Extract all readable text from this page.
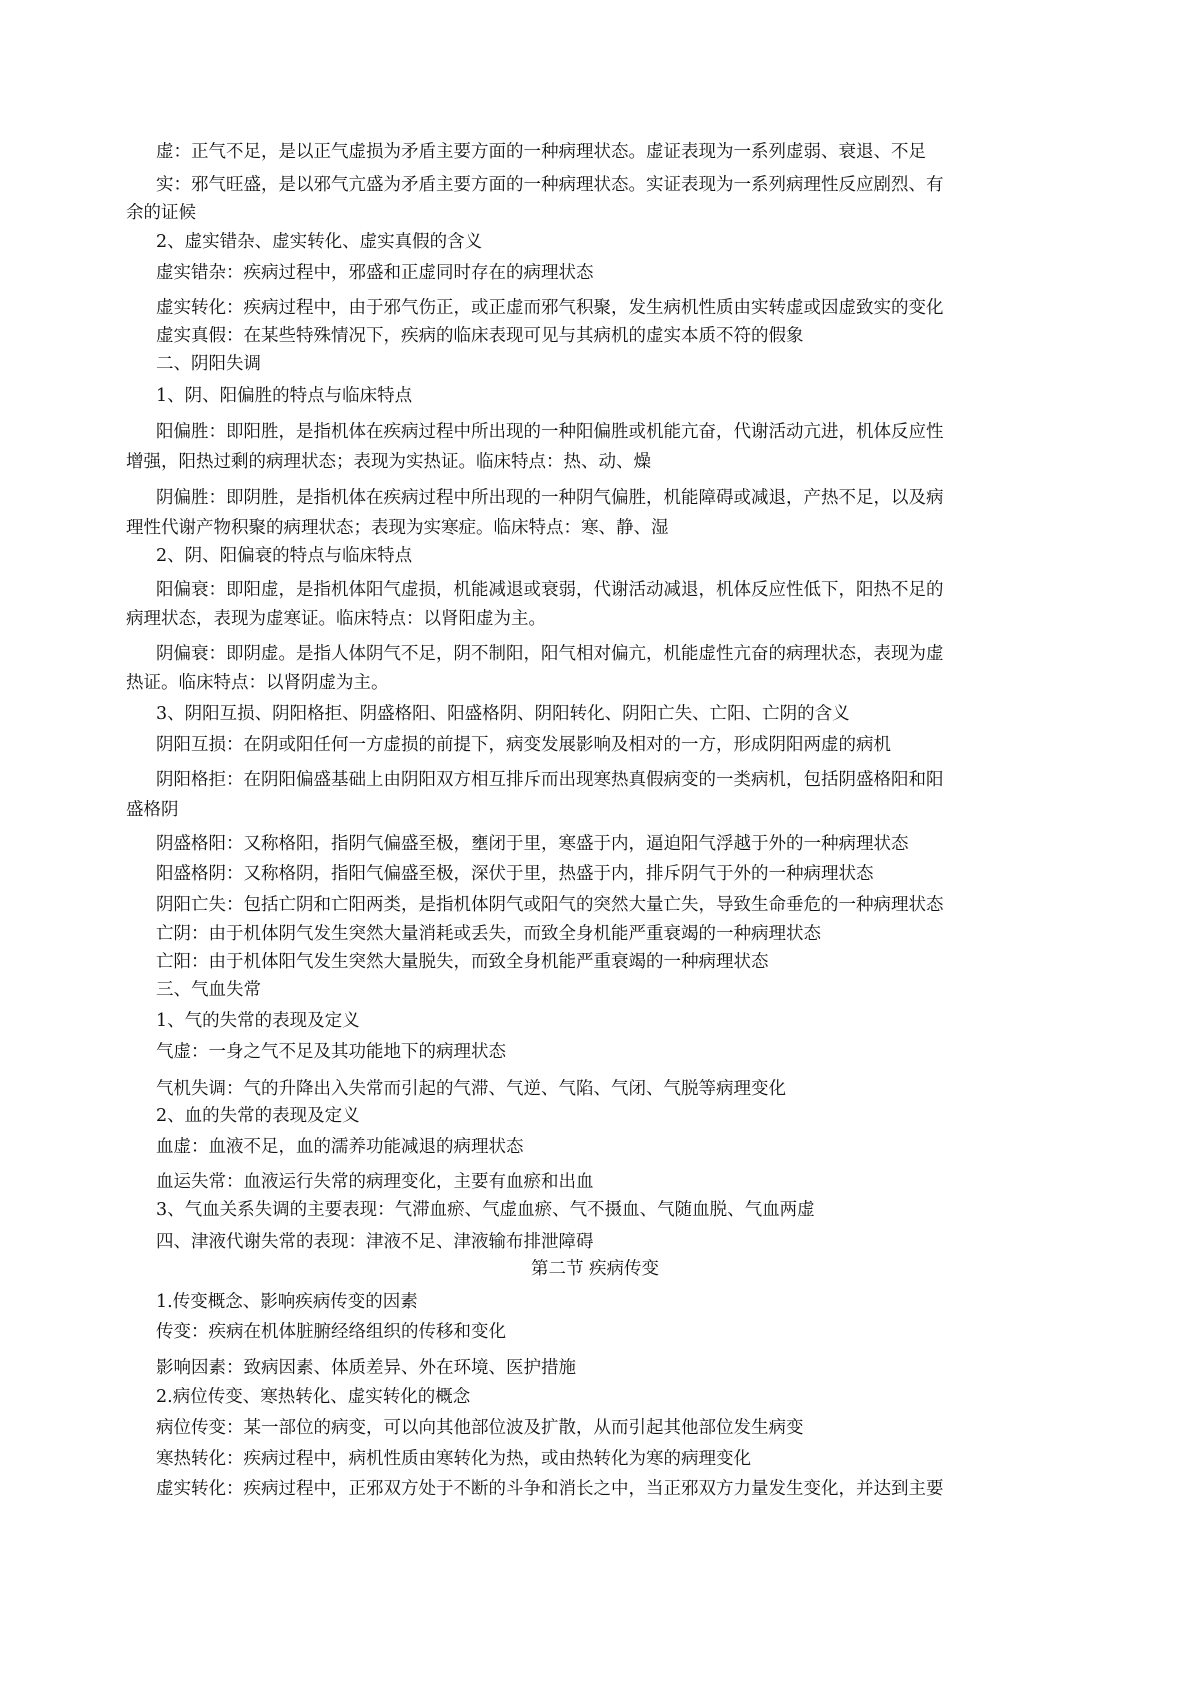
虚：正气不足，是以正气虚损为矛盾主要方面的一种病理状态。虚证表现为一系列虚弱、衰退、不足
实：邪气旺盛，是以邪气亢盛为矛盾主要方面的一种病理状态。实证表现为一系列病理性反应剧烈、有
余的证候
2、虚实错杂、虚实转化、虚实真假的含义
虚实错杂：疾病过程中，邪盛和正虚同时存在的病理状态
虚实转化：疾病过程中，由于邪气伤正，或正虚而邪气积聚，发生病机性质由实转虚或因虚致实的变化
虚实真假：在某些特殊情况下，疾病的临床表现可见与其病机的虚实本质不符的假象
二、阴阳失调
1、阴、阳偏胜的特点与临床特点
阳偏胜：即阳胜，是指机体在疾病过程中所出现的一种阳偏胜或机能亢奋，代谢活动亢进，机体反应性
增强，阳热过剩的病理状态；表现为实热证。临床特点：热、动、燥
阴偏胜：即阴胜，是指机体在疾病过程中所出现的一种阴气偏胜，机能障碍或减退，产热不足，以及病
理性代谢产物积聚的病理状态；表现为实寒症。临床特点：寒、静、湿
2、阴、阳偏衰的特点与临床特点
阳偏衰：即阳虚，是指机体阳气虚损，机能减退或衰弱，代谢活动减退，机体反应性低下，阳热不足的
病理状态，表现为虚寒证。临床特点：以肾阳虚为主。
阴偏衰：即阴虚。是指人体阴气不足，阴不制阳，阳气相对偏亢，机能虚性亢奋的病理状态，表现为虚
热证。临床特点：以肾阴虚为主。
3、阴阳互损、阴阳格拒、阴盛格阳、阳盛格阴、阴阳转化、阴阳亡失、亡阳、亡阴的含义
阴阳互损：在阴或阳任何一方虚损的前提下，病变发展影响及相对的一方，形成阴阳两虚的病机
阴阳格拒：在阴阳偏盛基础上由阴阳双方相互排斥而出现寒热真假病变的一类病机，包括阴盛格阳和阳
盛格阴
阴盛格阳：又称格阳，指阴气偏盛至极，壅闭于里，寒盛于内，逼迫阳气浮越于外的一种病理状态
阳盛格阴：又称格阴，指阳气偏盛至极，深伏于里，热盛于内，排斥阴气于外的一种病理状态
阴阳亡失：包括亡阴和亡阳两类，是指机体阴气或阳气的突然大量亡失，导致生命垂危的一种病理状态
亡阴：由于机体阴气发生突然大量消耗或丢失，而致全身机能严重衰竭的一种病理状态
亡阳：由于机体阳气发生突然大量脱失，而致全身机能严重衰竭的一种病理状态
三、气血失常
1、气的失常的表现及定义
气虚：一身之气不足及其功能地下的病理状态
气机失调：气的升降出入失常而引起的气滞、气逆、气陷、气闭、气脱等病理变化
2、血的失常的表现及定义
血虚：血液不足，血的濡养功能减退的病理状态
血运失常：血液运行失常的病理变化，主要有血瘀和出血
3、气血关系失调的主要表现：气滞血瘀、气虚血瘀、气不摄血、气随血脱、气血两虚
四、津液代谢失常的表现：津液不足、津液输布排泄障碍
第二节 疾病传变
1.传变概念、影响疾病传变的因素
传变：疾病在机体脏腑经络组织的传移和变化
影响因素：致病因素、体质差异、外在环境、医护措施
2.病位传变、寒热转化、虚实转化的概念
病位传变：某一部位的病变，可以向其他部位波及扩散，从而引起其他部位发生病变
寒热转化：疾病过程中，病机性质由寒转化为热，或由热转化为寒的病理变化
虚实转化：疾病过程中，正邪双方处于不断的斗争和消长之中，当正邪双方力量发生变化，并达到主要
